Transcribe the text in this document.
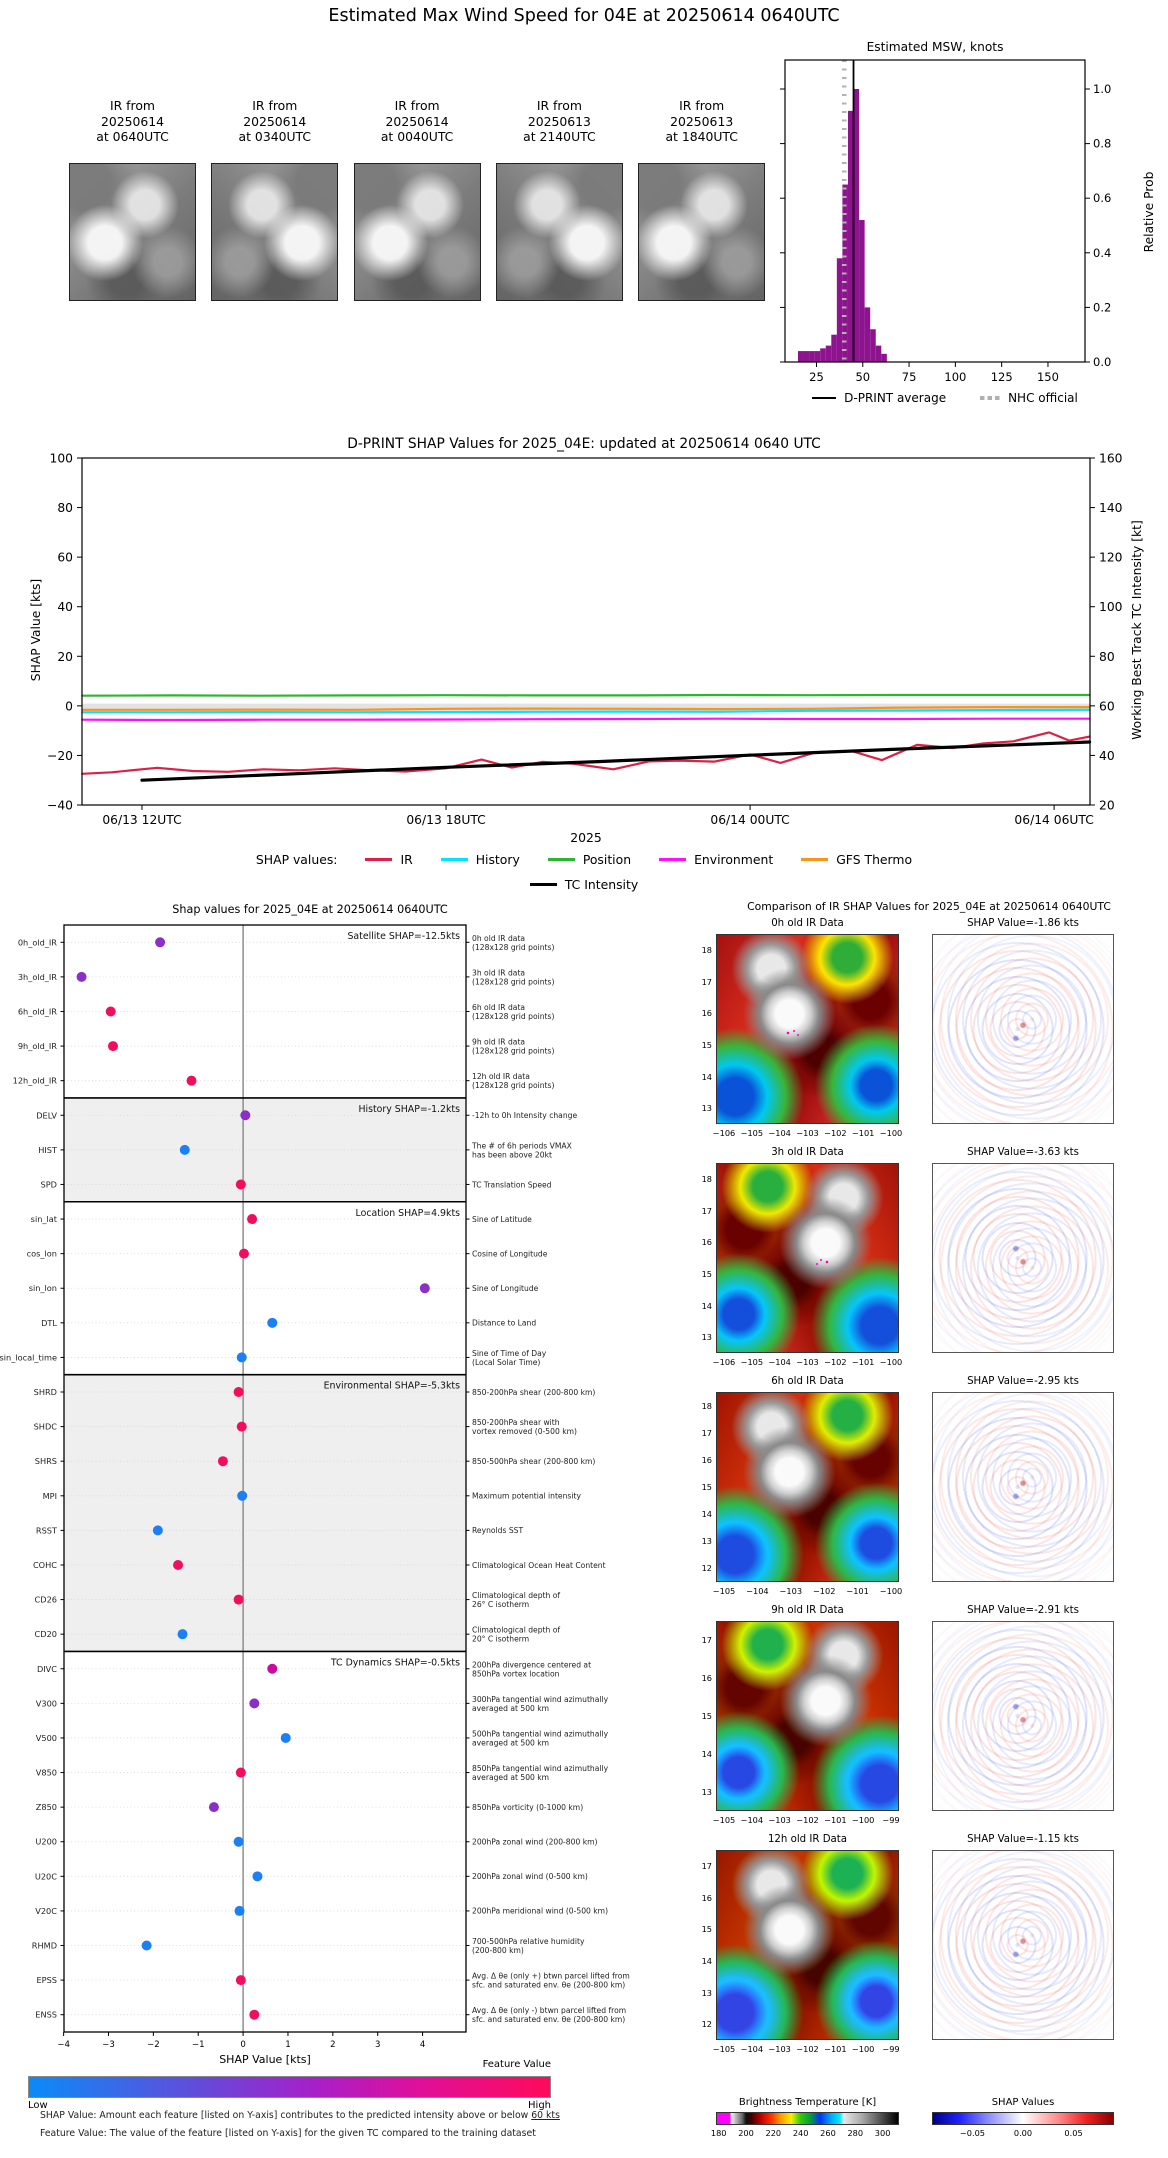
Estimated Max Wind Speed for 04E at 20250614 0640UTC
IR from
20250614
at 0640UTC
IR from
20250614
at 0340UTC
IR from
20250614
at 0040UTC
IR from
20250613
at 2140UTC
IR from
20250613
at 1840UTC
Estimated MSW, knots
0.0
0.2
0.4
0.6
0.8
1.0
25	50	75 100 125 150
Relative Prob
D-PRINT average	NHC official
D-PRINT SHAP Values for 2025_04E: updated at 20250614 0640 UTC
100
80
60
40
20
0
−20
−40
160
140
120
100
80
60
40
20
06/13 12UTC	06/13 18UTC	06/14 00UTC	06/14 06UTC
SHAP Value [kts]	Working Best Track TC Intensity [kt]
2025
SHAP values:	IR	History	Position	Environment	GFS Thermo
TC Intensity
Shap values for 2025_04E at 20250614 0640UTC
Satellite SHAP=-12.5kts
0h_old_IR	0h old IR data (128x128 grid points)
3h_old_IR	3h old IR data (128x128 grid points)
6h_old_IR	6h old IR data (128x128 grid points)
9h_old_IR	9h old IR data (128x128 grid points)
12h_old_IR	12h old IR data (128x128 grid points)
History SHAP=-1.2kts
DELV	-12h to 0h Intensity change
HIST	The # of 6h periods VMAX has been above 20kt
SPD	TC Translation Speed
Location SHAP=4.9kts
sin_lat	Sine of Latitude
cos_lon	Cosine of Longitude
sin_lon	Sine of Longitude
DTL	Distance to Land
sin_local_time	Sine of Time of Day (Local Solar Time)
Environmental SHAP=-5.3kts
SHRD	850-200hPa shear (200-800 km)
SHDC	850-200hPa shear with vortex removed (0-500 km)
SHRS	850-500hPa shear (200-800 km)
MPI	Maximum potential intensity
RSST	Reynolds SST
COHC	Climatological Ocean Heat Content
CD26	Climatological depth of 26° C isotherm
CD20	Climatological depth of 20° C isotherm
TC Dynamics SHAP=-0.5kts
DIVC	200hPa divergence centered at 850hPa vortex location
V300	300hPa tangential wind azimuthally averaged at 500 km
V500	500hPa tangential wind azimuthally averaged at 500 km
V850	850hPa tangential wind azimuthally averaged at 500 km
Z850	850hPa vorticity (0-1000 km)
U200	200hPa zonal wind (200-800 km)
U20C	200hPa zonal wind (0-500 km)
V20C	200hPa meridional wind (0-500 km)
RHMD	700-500hPa relative humidity (200-800 km)
EPSS	Avg. Δ θe (only +) btwn parcel lifted from sfc. and saturated env. θe (200-800 km)
ENSS	Avg. Δ θe (only -) btwn parcel lifted from sfc. and saturated env. θe (200-800 km)
−4	−3	−2	−1	0	1	2	3	4
SHAP Value [kts]	Feature Value
Low	High
SHAP Value: Amount each feature [listed on Y-axis] contributes to the predicted intensity above or below 60 kts
Feature Value: The value of the feature [listed on Y-axis] for the given TC compared to the training dataset
Comparison of IR SHAP Values for 2025_04E at 20250614 0640UTC
0h old IR Data	SHAP Value=-1.86 kts
18
17
16
15
14
13
−106 −105 −104 −103 −102 −101 −100
3h old IR Data	SHAP Value=-3.63 kts
18
17
16
15
14
13
−106 −105 −104 −103 −102 −101 −100
6h old IR Data	SHAP Value=-2.95 kts
18
17
16
15
14
13
12
−105	−104	−103	−102	−101	−100
9h old IR Data	SHAP Value=-2.91 kts
17
16
15
14
13
−105 −104 −103 −102 −101 −100 −99
12h old IR Data	SHAP Value=-1.15 kts
17
16
15
14
13
12
−105 −104 −103 −102 −101 −100 −99
Brightness Temperature [K]
180	200	220	240	260	280	300
SHAP Values
−0.05	0.00	0.05
